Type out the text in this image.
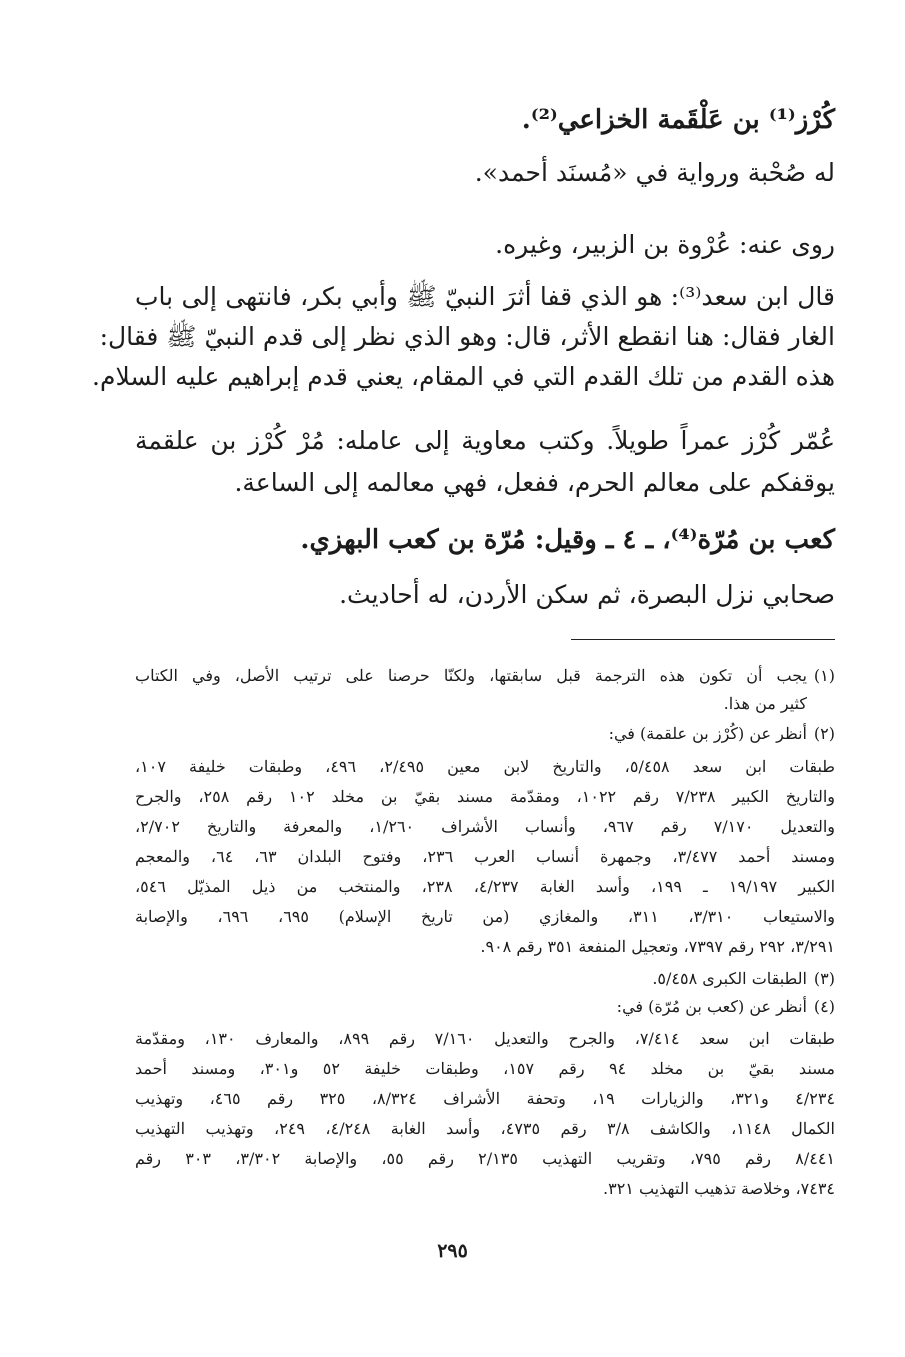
كُرْز⁽¹⁾ بن عَلْقَمة الخزاعي⁽²⁾.
له صُحْبة ورواية في «مُسنَد أحمد».
روى عنه: عُرْوة بن الزبير، وغيره.
قال ابن سعد⁽³⁾: هو الذي قفا أثرَ النبيّ ﷺ وأبي بكر، فانتهى إلى باب
الغار فقال: هنا انقطع الأثر، قال: وهو الذي نظر إلى قدم النبيّ ﷺ فقال:
هذه القدم من تلك القدم التي في المقام، يعني قدم إبراهيم عليه السلام.
عُمّر كُرْز عمراً طويلاً. وكتب معاوية إلى عامله: مُرْ كُرْز بن علقمة
يوقفكم على معالم الحرم، ففعل، فهي معالمه إلى الساعة.
كعب بن مُرّة⁽⁴⁾، ـ ٤ ـ وقيل: مُرّة بن كعب البهزي.
صحابي نزل البصرة، ثم سكن الأردن، له أحاديث.
(١)يجب أن تكون هذه الترجمة قبل سابقتها، ولكنّا حرصنا على ترتيب الأصل، وفي الكتاب
كثير من هذا.
(٢)أنظر عن (كُرْز بن علقمة) في:
طبقات ابن سعد ٥/٤٥٨، والتاريخ لابن معين ٢/٤٩٥، ٤٩٦، وطبقات خليفة ١٠٧،
والتاريخ الكبير ٧/٢٣٨ رقم ١٠٢٢، ومقدّمة مسند بقيّ بن مخلد ١٠٢ رقم ٢٥٨، والجرح
والتعديل ٧/١٧٠ رقم ٩٦٧، وأنساب الأشراف ١/٢٦٠، والمعرفة والتاريخ ٢/٧٠٢،
ومسند أحمد ٣/٤٧٧، وجمهرة أنساب العرب ٢٣٦، وفتوح البلدان ٦٣، ٦٤، والمعجم
الكبير ١٩/١٩٧ ـ ١٩٩، وأسد الغابة ٤/٢٣٧، ٢٣٨، والمنتخب من ذيل المذيّل ٥٤٦،
والاستيعاب ٣/٣١٠، ٣١١، والمغازي (من تاريخ الإسلام) ٦٩٥، ٦٩٦، والإصابة
٣/٢٩١، ٢٩٢ رقم ٧٣٩٧، وتعجيل المنفعة ٣٥١ رقم ٩٠٨.
(٣)الطبقات الكبرى ٥/٤٥٨.
(٤)أنظر عن (كعب بن مُرّة) في:
طبقات ابن سعد ٧/٤١٤، والجرح والتعديل ٧/١٦٠ رقم ٨٩٩، والمعارف ١٣٠، ومقدّمة
مسند بقيّ بن مخلد ٩٤ رقم ١٥٧، وطبقات خليفة ٥٢ و٣٠١، ومسند أحمد
٤/٢٣٤ و٣٢١، والزيارات ١٩، وتحفة الأشراف ٨/٣٢٤، ٣٢٥ رقم ٤٦٥، وتهذيب
الكمال ١١٤٨، والكاشف ٣/٨ رقم ٤٧٣٥، وأسد الغابة ٤/٢٤٨، ٢٤٩، وتهذيب التهذيب
٨/٤٤١ رقم ٧٩٥، وتقريب التهذيب ٢/١٣٥ رقم ٥٥، والإصابة ٣/٣٠٢، ٣٠٣ رقم
٧٤٣٤، وخلاصة تذهيب التهذيب ٣٢١.
٢٩٥
